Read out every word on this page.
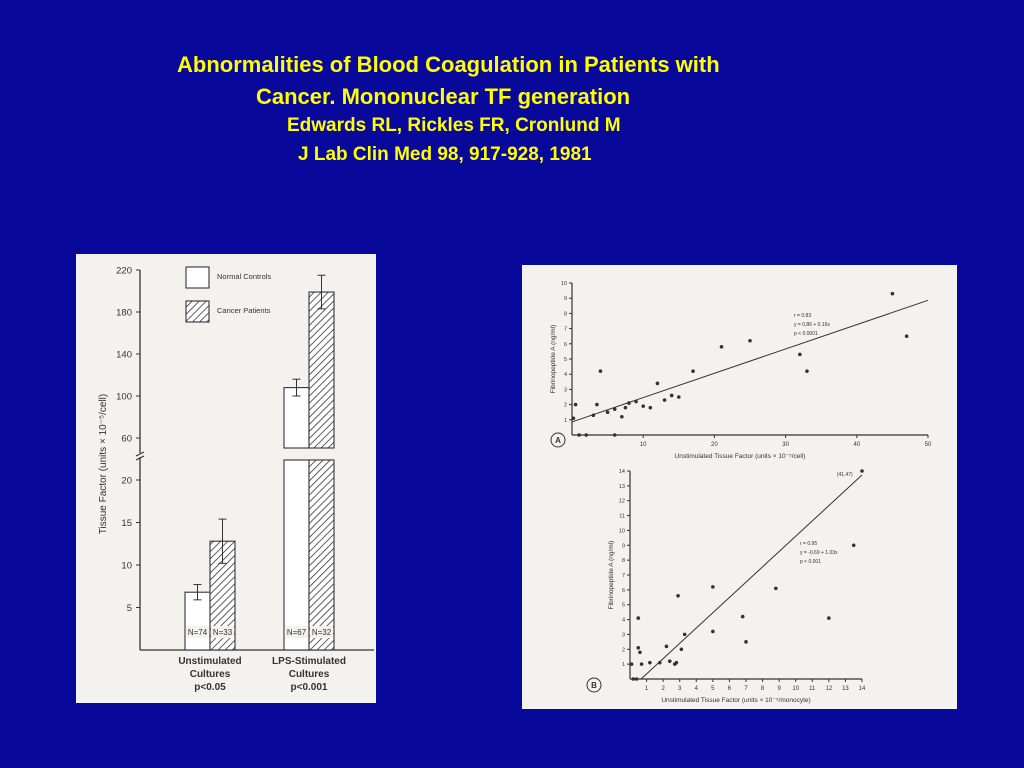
Abnormalities of Blood Coagulation in Patients with
Cancer. Mononuclear TF generation
Edwards RL, Rickles FR, Cronlund M
J Lab Clin Med 98, 917-928, 1981
5
10
15
20
60
100
140
180
220
Tissue Factor (units × 10⁻⁵/cell)
N=74	N=67
N=33	N=32
Normal Controls
Cancer Patients
Unstimulated
Cultures
p<0.05
LPS-Stimulated
Cultures
p<0.001
10	20	30	40	50
1
2
3
4
5
6
7
8
9
10
Unstimulated Tissue Factor (units × 10⁻⁵/cell)
Fibrinopeptide A (ng/ml)
A
r = 0.83
y = 0.86 + 0.16x
p < 0.0001
1 2 3 4 5 6 7 8 9 10 11 12 13 14
1
2
3
4
5
6
7
8
9
10
11
12
13
14
Unstimulated Tissue Factor (units × 10⁻⁵/monocyte)
Fibrinopeptide A (ng/ml)
B
r = 0.95
y = -0.69 + 1.03x
p < 0.001
(41,47)
